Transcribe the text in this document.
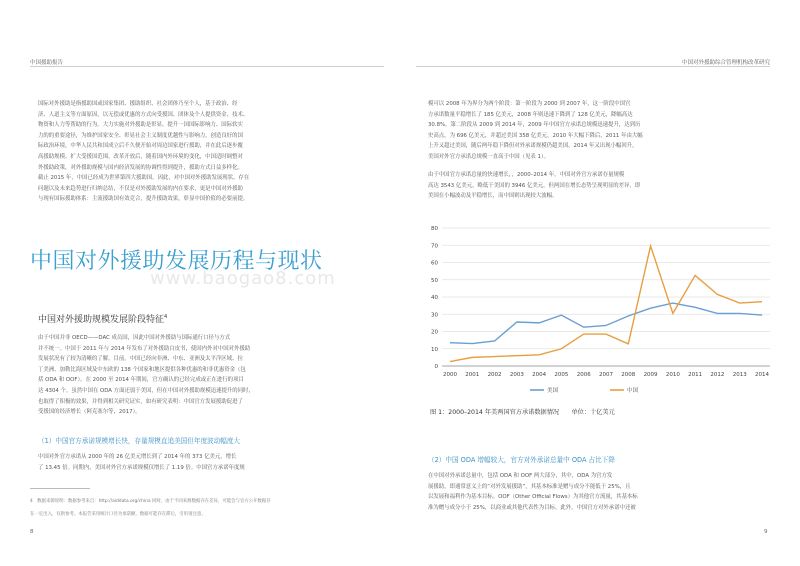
中国援助报告

国际对外援助是指援助国或国家集团、援助组织、社会团体乃至个人，基于政治、经

济、人道主义等方面原因，以无偿或优惠的方式向受援国、团体及个人提供资金、技术、

物资和人力等帮助的行为。大力实施对外援助是彰显、提升一国国际影响力、国际软实

力的的重要途径，为维护国家安全、彰显社会主义制度优越性与影响力，创造良好的国

际政治环境，中华人民共和国成立后不久便开始对周边国家进行援助，并在此后逐步覆

高援助规模、扩大受援国范围。改革开放后，随着国内外环境的变化，中国适时调整对

外援助政策，对外援助规模与国内经济发展的协调性得到提升，援助方式日益多样化。

截止 2015 年，中国已经成为世界第四大援助国。因此，对中国对外援助发展现状、存在

问题以及未来趋势进行归纳总结，不仅是对外援助发展的内在要求，更是中国对外援助

与现有国际援助体系：主流援助国有效竞合，提升援助效果，彰显中国价值的必要前提。

www.baogao8.com
中国对外援助发展历程与现状
中国对外援助规模发展阶段特征$^4$

由于中国并非 OECD——DAC 成员国，因此中国对外援助与国际通行口径与方式

并不统一。中国于 2011 年与 2014 年发布了对外援助白皮书，使国内外对中国对外援助

发展状况有了较为清晰的了解。目前，中国已经向非洲、中东、亚洲及太平洋区域、拉

丁美洲、加勒比海区域及中东欧的 138 个国家和地区提供各种优惠的和非优惠资金（包

括 ODA 和 OOF）。在 2000 至 2014 年期间，官方确认的已经完成或正在进行的项目

达 4304 个。虽然中国在 ODA 方面还弱于美国，但在中国对外援助规模迅速提升的同时，

也取得了积极的效果，并得到相关研究证实，如有研究表明：中国官方发展援助促进了

受援国的经济增长（阿克塞尔等，2017）。

（1）中国官方承诺规模增长快，存量规模直追美国但年度波动幅度大

中国对外官方承诺从 2000 年的 26 亿美元增长到了 2014 年的 373 亿美元，增长

了 13.45 倍。同期内，美国对外官方承诺规模仅增长了 1.19 倍。中国官方承诺年度规

4　数据来源说明：数据参考来自：http://aiddata.org/china 同时，由于不同来源数据存在差异，可能会与官方公开数据存

在一定出入，仅供参考。本报告采用统计口径为承诺额，数据可能存在滞后，引用请注意。

8
中国对外援助综合管理机构改革研究

模可以 2008 年为界分为两个阶段：第一阶段为 2000 到 2007 年，这一阶段中国官

方承诺数量平稳增长了 185 亿美元，2008 年则迅速下降到了 128 亿美元，降幅高达

30.8%。第二阶段从 2009 到 2014 年，2009 年中国官方承诺总规模迅速提升，达到历

史高点，为 696 亿美元，并超过美国 358 亿美元，2010 年大幅下降后，2011 年由大幅

上升又超过美国，随后两年稳下降但对外承诺规模仍超美国，2014 年又出现小幅回升，

美国对外官方承诺总规模一直高于中国（见表 1）。

由于中国官方承诺总量的快速增长，，2000–2014 年，中国对外官方承诺存量规模

高达 3543 亿美元，略低于美国的 3946 亿美元，但两国在增长态势呈现明显的差异，即

美国在小幅波动及平稳增长，而中国则出现较大波幅。

0
10
20
30
40
50
60
70
80
2000 2001 2002 2003 2004 2005 2006 2007 2008 2009 2010 2011 2012 2013 2014
美国	中国
图 1：2000–2014 年美两国官方承诺数据情况　　单位：十亿美元
（2）中国 ODA 增幅较大，官方对外承诺总量中 ODA 占比下降

在中国对外承诺总量中，包括 ODA 和 OOF 两大部分，其中，ODA 为官方发

展援助，即通常意义上的“对外发展援助”，其基本标准是赠与成分不能低于 25%，且

以发展和福利作为基本目标。OOF（Other Official Flows）为其他官方流量，其基本标

准为赠与成分小于 25%，以商业或其他代表性为目标。此外，中国官方对外承诺中还被

9
